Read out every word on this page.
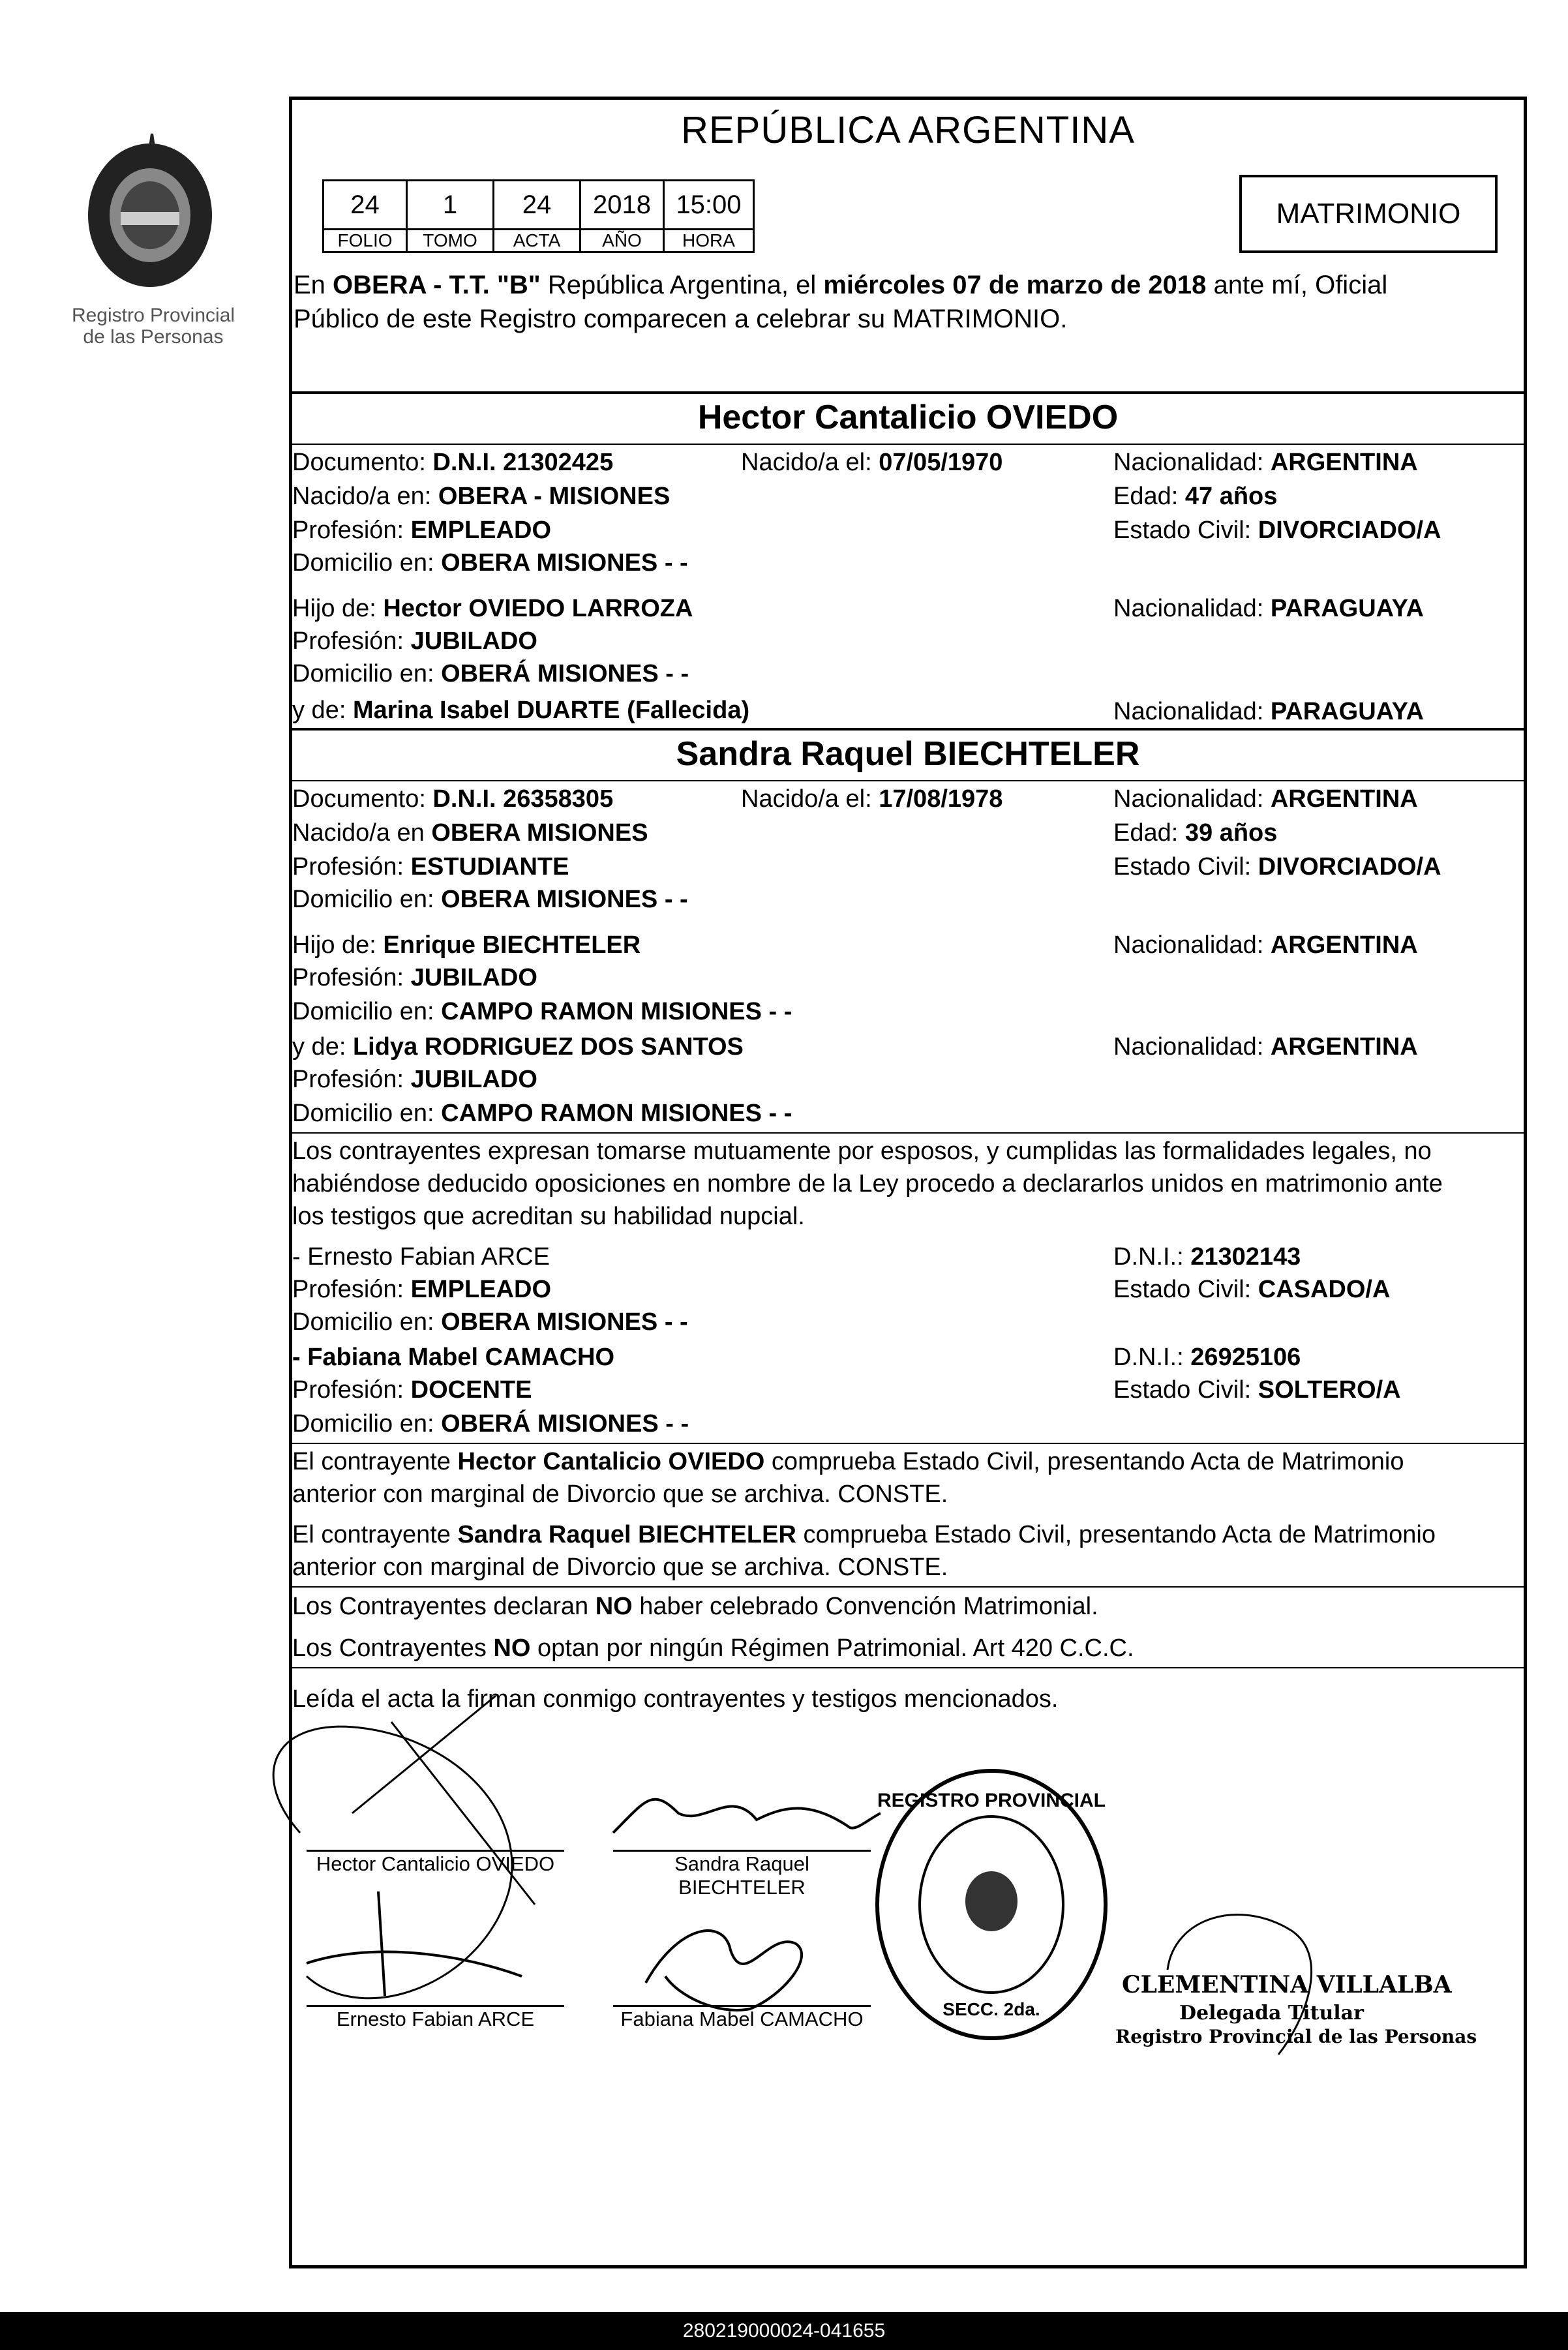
Registro Provincial
de las Personas
REPÚBLICA ARGENTINA
24	1	24	2018	15:00
FOLIO	TOMO	ACTA	AÑO	HORA
MATRIMONIO
En OBERA - T.T. "B" República Argentina, el miércoles 07 de marzo de 2018 ante mí, Oficial
Público de este Registro comparecen a celebrar su MATRIMONIO.
Hector Cantalicio OVIEDO
Documento: D.N.I. 21302425	Nacido/a el: 07/05/1970	Nacionalidad: ARGENTINA
Nacido/a en: OBERA - MISIONES	Edad: 47 años
Profesión: EMPLEADO	Estado Civil: DIVORCIADO/A
Domicilio en: OBERA MISIONES - -
Hijo de: Hector OVIEDO LARROZA	Nacionalidad: PARAGUAYA
Profesión: JUBILADO
Domicilio en: OBERÁ MISIONES - -
y de: Marina Isabel DUARTE (Fallecida)	Nacionalidad: PARAGUAYA
Sandra Raquel BIECHTELER
Documento: D.N.I. 26358305	Nacido/a el: 17/08/1978	Nacionalidad: ARGENTINA
Nacido/a en OBERA MISIONES	Edad: 39 años
Profesión: ESTUDIANTE	Estado Civil: DIVORCIADO/A
Domicilio en: OBERA MISIONES - -
Hijo de: Enrique BIECHTELER	Nacionalidad: ARGENTINA
Profesión: JUBILADO
Domicilio en: CAMPO RAMON MISIONES - -
y de: Lidya RODRIGUEZ DOS SANTOS	Nacionalidad: ARGENTINA
Profesión: JUBILADO
Domicilio en: CAMPO RAMON MISIONES - -
Los contrayentes expresan tomarse mutuamente por esposos, y cumplidas las formalidades legales, no
habiéndose deducido oposiciones en nombre de la Ley procedo a declararlos unidos en matrimonio ante
los testigos que acreditan su habilidad nupcial.
- Ernesto Fabian ARCE	D.N.I.: 21302143
Profesión: EMPLEADO	Estado Civil: CASADO/A
Domicilio en: OBERA MISIONES - -
- Fabiana Mabel CAMACHO	D.N.I.: 26925106
Profesión: DOCENTE	Estado Civil: SOLTERO/A
Domicilio en: OBERÁ MISIONES - -
El contrayente Hector Cantalicio OVIEDO comprueba Estado Civil, presentando Acta de Matrimonio
anterior con marginal de Divorcio que se archiva. CONSTE.
El contrayente Sandra Raquel BIECHTELER comprueba Estado Civil, presentando Acta de Matrimonio
anterior con marginal de Divorcio que se archiva. CONSTE.
Los Contrayentes declaran NO haber celebrado Convención Matrimonial.
Los Contrayentes NO optan por ningún Régimen Patrimonial. Art 420 C.C.C.
Leída el acta la firman conmigo contrayentes y testigos mencionados.
Hector Cantalicio OVIEDO	Sandra Raquel
BIECHTELER
Ernesto Fabian ARCE	Fabiana Mabel CAMACHO
REGISTRO PROVINCIAL
SECC. 2da.
CLEMENTINA VILLALBA
Delegada Titular
Registro Provincial de las Personas
280219000024-041655
